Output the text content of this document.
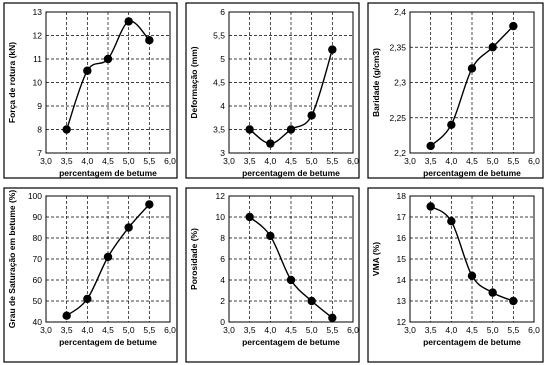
7
8
9
10
11
12
13
3,0 3,5 4,0 4,5 5,0 5,5 6,0
percentagem de betume
Força de rotura (kN)
3
3,5
4
4,5
5
5,5
6
3,0 3,5 4,0 4,5 5,0 5,5 6,0
percentagem de betume
Deformação (mm)
2,2
2,25
2,3
2,35
2,4
3,0 3,5 4,0 4,5 5,0 5,5 6,0
percentagem de betume
Baridade (g/cm3)
40
50
60
70
80
90
100
3,0 3,5 4,0 4,5 5,0 5,5 6,0
percentagem de betume
Grau de Saturação em betume (%)	0
2
4
6
8
10
12
3,0 3,5 4,0 4,5 5,0 5,5 6,0
percentagem de betume
Porosidade (%)
12
13
14
15
16
17
18
3,0 3,5 4,0 4,5 5,0 5,5 6,0
percentagem de betume
VMA (%)
